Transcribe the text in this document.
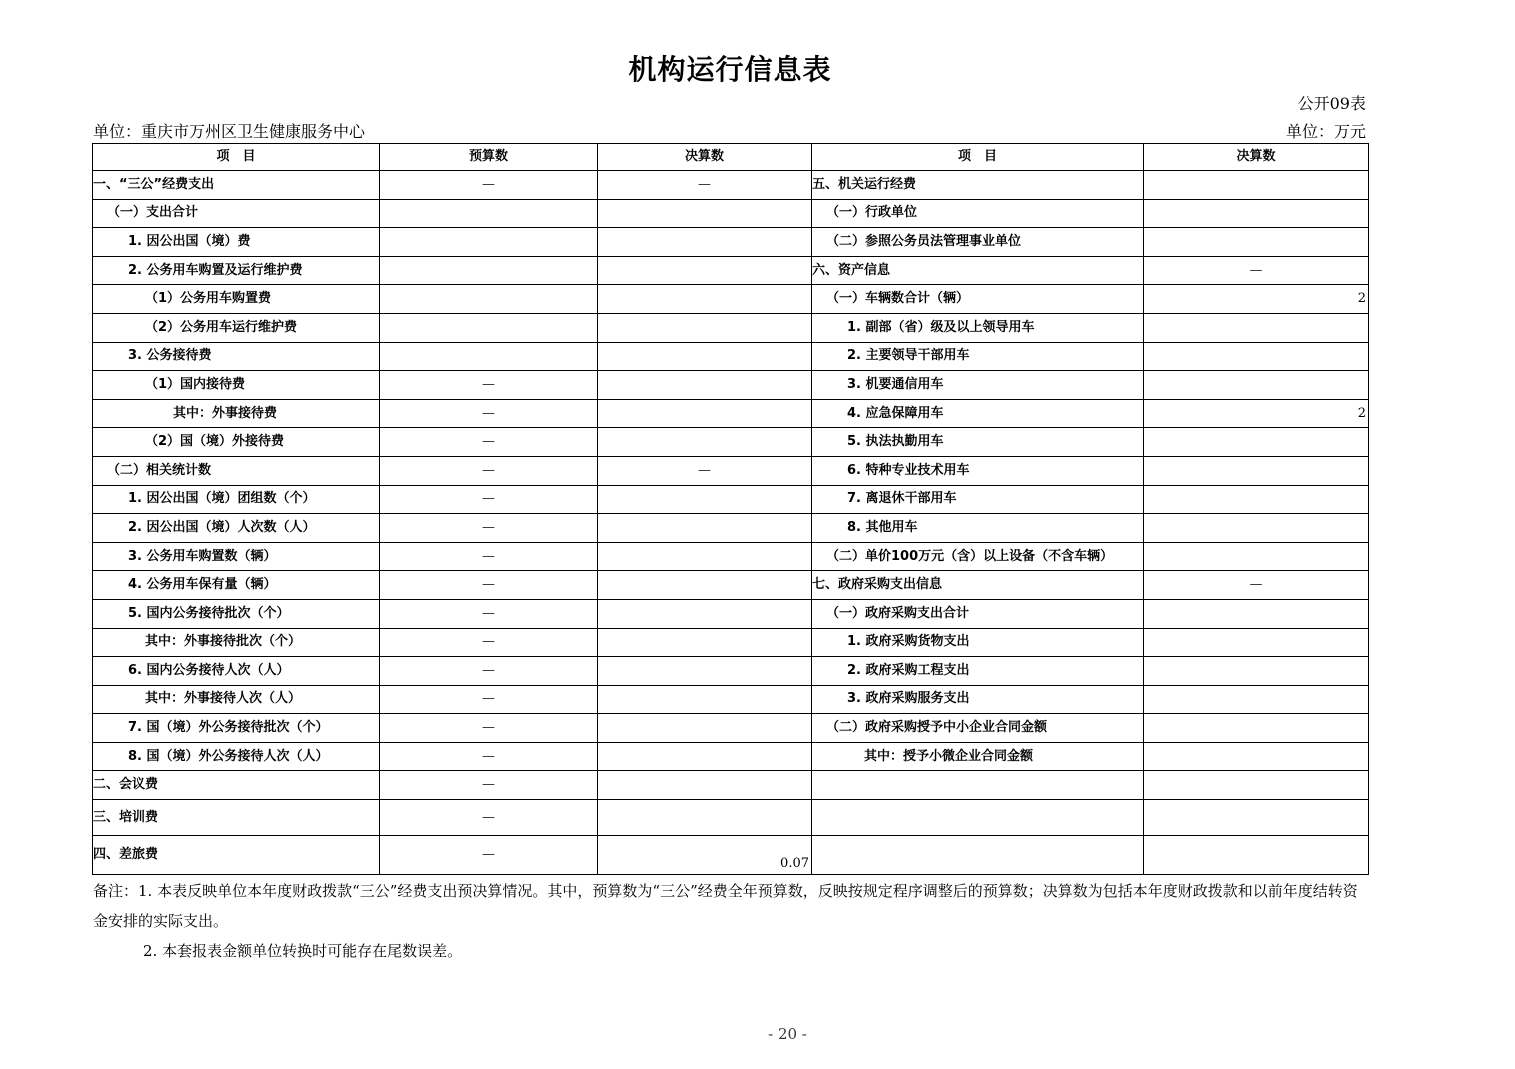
机构运行信息表
公开09表
单位：重庆市万州区卫生健康服务中心	单位：万元
项　目	预算数	决算数	项　目	决算数
一、“三公”经费支出	—	—	五、机关运行经费	
（一）支出合计			（一）行政单位	
1. 因公出国（境）费			（二）参照公务员法管理事业单位	
2. 公务用车购置及运行维护费			六、资产信息	—
（1）公务用车购置费			（一）车辆数合计（辆）	2
（2）公务用车运行维护费			1. 副部（省）级及以上领导用车	
3. 公务接待费			2. 主要领导干部用车	
（1）国内接待费	—		3. 机要通信用车	
其中：外事接待费	—		4. 应急保障用车	2
（2）国（境）外接待费	—		5. 执法执勤用车	
（二）相关统计数	—	—	6. 特种专业技术用车	
1. 因公出国（境）团组数（个）	—		7. 离退休干部用车	
2. 因公出国（境）人次数（人）	—		8. 其他用车	
3. 公务用车购置数（辆）	—		（二）单价100万元（含）以上设备（不含车辆）	
4. 公务用车保有量（辆）	—		七、政府采购支出信息	—
5. 国内公务接待批次（个）	—		（一）政府采购支出合计	
其中：外事接待批次（个）	—		1. 政府采购货物支出	
6. 国内公务接待人次（人）	—		2. 政府采购工程支出	
其中：外事接待人次（人）	—		3. 政府采购服务支出	
7. 国（境）外公务接待批次（个）	—		（二）政府采购授予中小企业合同金额	
8. 国（境）外公务接待人次（人）	—		其中：授予小微企业合同金额	
二、会议费	—			
三、培训费	—			
四、差旅费	—	0.07		

备注：1. 本表反映单位本年度财政拨款“三公”经费支出预决算情况。其中，预算数为“三公”经费全年预算数，反映按规定程序调整后的预算数；决算数为包括本年度财政拨款和以前年度结转资金安排的实际支出。

2. 本套报表金额单位转换时可能存在尾数误差。

- 20 -
